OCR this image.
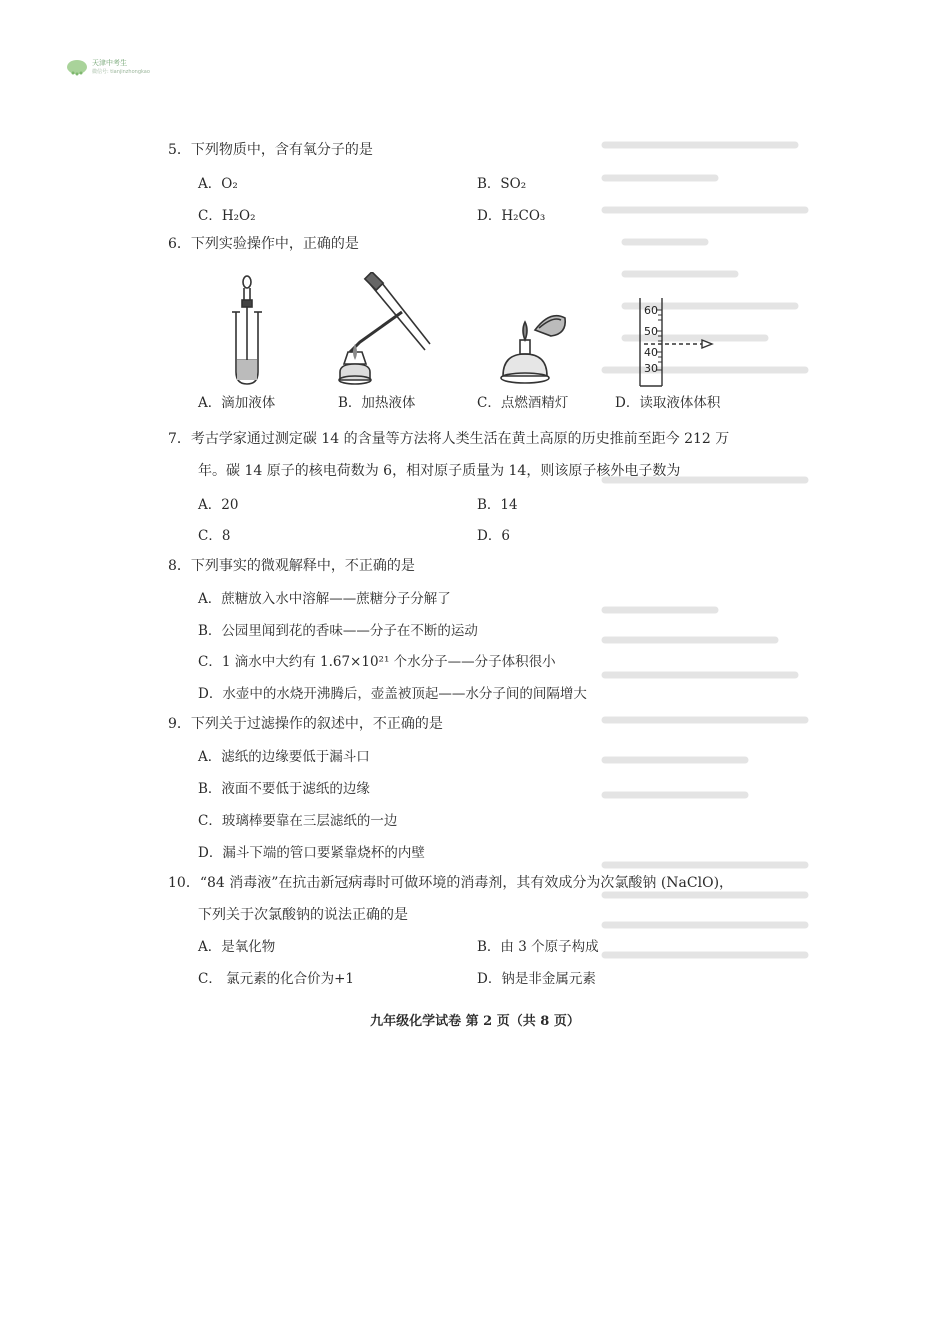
天津中考生
微信号: tianjinzhongkao
5．下列物质中，含有氧分子的是
A．O₂	B．SO₂
C．H₂O₂	D．H₂CO₃
6．下列实验操作中，正确的是
60
50
40
30
A．滴加液体	B．加热液体	C．点燃酒精灯	D．读取液体体积
7．考古学家通过测定碳 14 的含量等方法将人类生活在黄土高原的历史推前至距今 212 万
年。碳 14 原子的核电荷数为 6，相对原子质量为 14，则该原子核外电子数为
A．20	B．14
C．8	D．6
8．下列事实的微观解释中，不正确的是
A．蔗糖放入水中溶解——蔗糖分子分解了
B．公园里闻到花的香味——分子在不断的运动
C．1 滴水中大约有 1.67×10²¹ 个水分子——分子体积很小
D．水壶中的水烧开沸腾后，壶盖被顶起——水分子间的间隔增大
9．下列关于过滤操作的叙述中，不正确的是
A．滤纸的边缘要低于漏斗口
B．液面不要低于滤纸的边缘
C．玻璃棒要靠在三层滤纸的一边
D．漏斗下端的管口要紧靠烧杯的内壁
10．“84 消毒液”在抗击新冠病毒时可做环境的消毒剂，其有效成分为次氯酸钠 (NaClO)，
下列关于次氯酸钠的说法正确的是
A．是氧化物	B．由 3 个原子构成
C． 氯元素的化合价为+1	D．钠是非金属元素
九年级化学试卷 第 2 页（共 8 页）
